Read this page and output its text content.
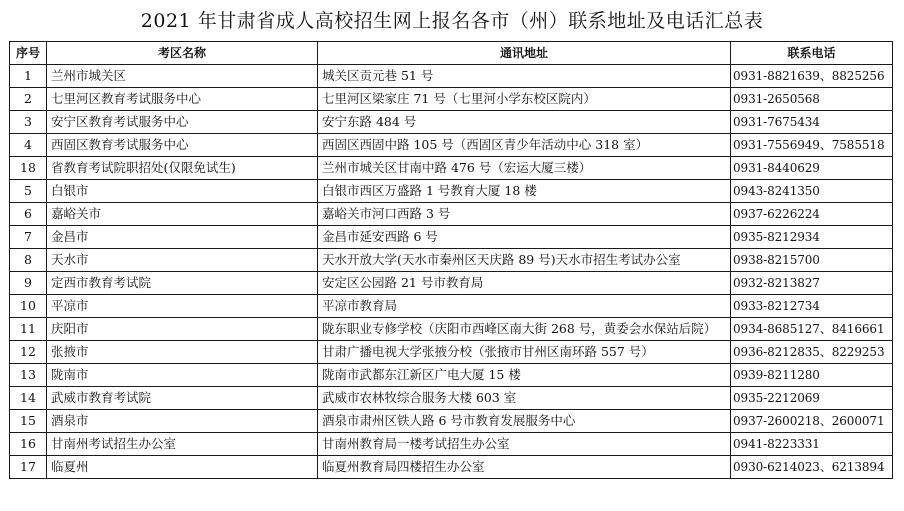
2021 年甘肃省成人高校招生网上报名各市（州）联系地址及电话汇总表
序号	考区名称	通讯地址	联系电话
1	兰州市城关区	城关区贡元巷 51 号	0931-8821639、8825256
2	七里河区教育考试服务中心	七里河区梁家庄 71 号（七里河小学东校区院内）	0931-2650568
3	安宁区教育考试服务中心	安宁东路 484 号	0931-7675434
4	西固区教育考试服务中心	西固区西固中路 105 号（西固区青少年活动中心 318 室）	0931-7556949、7585518
18	省教育考试院职招处(仅限免试生)	兰州市城关区甘南中路 476 号（宏运大厦三楼）	0931-8440629
5	白银市	白银市西区万盛路 1 号教育大厦 18 楼	0943-8241350
6	嘉峪关市	嘉峪关市河口西路 3 号	0937-6226224
7	金昌市	金昌市延安西路 6 号	0935-8212934
8	天水市	天水开放大学(天水市秦州区天庆路 89 号)天水市招生考试办公室	0938-8215700
9	定西市教育考试院	安定区公园路 21 号市教育局	0932-8213827
10	平凉市	平凉市教育局	0933-8212734
11	庆阳市	陇东职业专修学校（庆阳市西峰区南大街 268 号，黄委会水保站后院）	0934-8685127、8416661
12	张掖市	甘肃广播电视大学张掖分校（张掖市甘州区南环路 557 号）	0936-8212835、8229253
13	陇南市	陇南市武都东江新区广电大厦 15 楼	0939-8211280
14	武威市教育考试院	武威市农林牧综合服务大楼 603 室	0935-2212069
15	酒泉市	酒泉市肃州区铁人路 6 号市教育发展服务中心	0937-2600218、2600071
16	甘南州考试招生办公室	甘南州教育局一楼考试招生办公室	0941-8223331
17	临夏州	临夏州教育局四楼招生办公室	0930-6214023、6213894
